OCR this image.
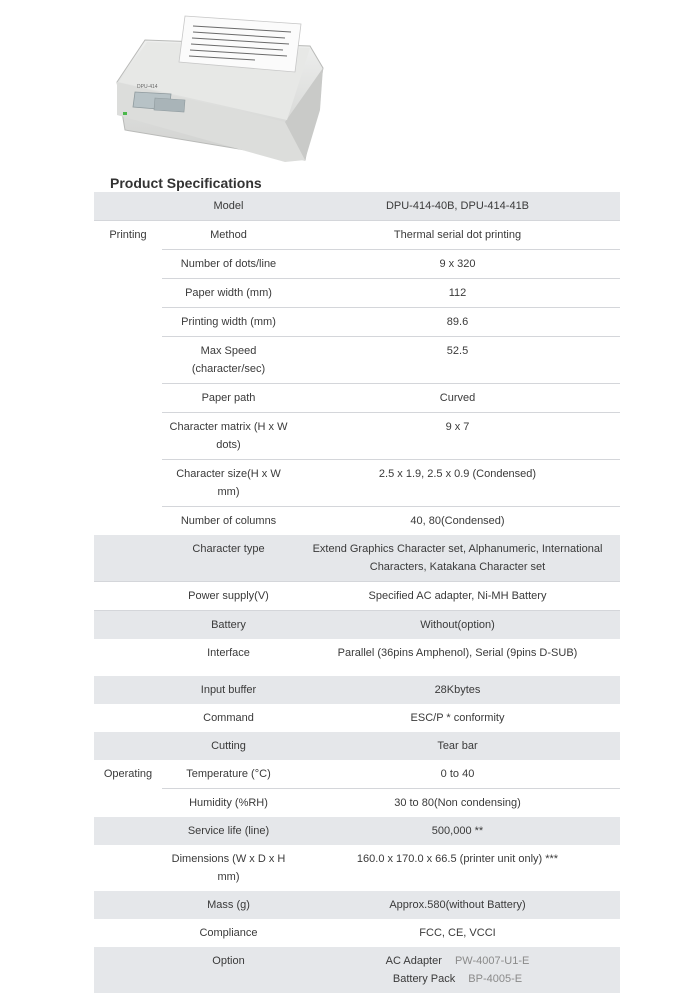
DPU-414
Product Specifications
	Model	DPU-414-40B, DPU-414-41B
Printing	Method	Thermal serial dot printing
	Number of dots/line	9 x 320
	Paper width (mm)	112
	Printing width (mm)	89.6
	Max Speed (character/sec)	52.5
	Paper path	Curved
	Character matrix (H x W dots)	9 x 7
	Character size(H x W mm)	2.5 x 1.9, 2.5 x 0.9 (Condensed)
	Number of columns	40, 80(Condensed)
	Character type	Extend Graphics Character set, Alphanumeric, International Characters, Katakana Character set
	Power supply(V)	Specified AC adapter, Ni-MH Battery
	Battery	Without(option)
	Interface	Parallel (36pins Amphenol), Serial (9pins D-SUB)
	Input buffer	28Kbytes
	Command	ESC/P * conformity
	Cutting	Tear bar
Operating	Temperature (°C)	0 to 40
	Humidity (%RH)	30 to 80(Non condensing)
	Service life (line)	500,000 **
	Dimensions (W x D x H mm)	160.0 x 170.0 x 66.5 (printer unit only) ***
	Mass (g)	Approx.580(without Battery)
	Compliance	FCC, CE, VCCI
	Option	AC Adapter PW-4007-U1-E
Battery Pack BP-4005-E
